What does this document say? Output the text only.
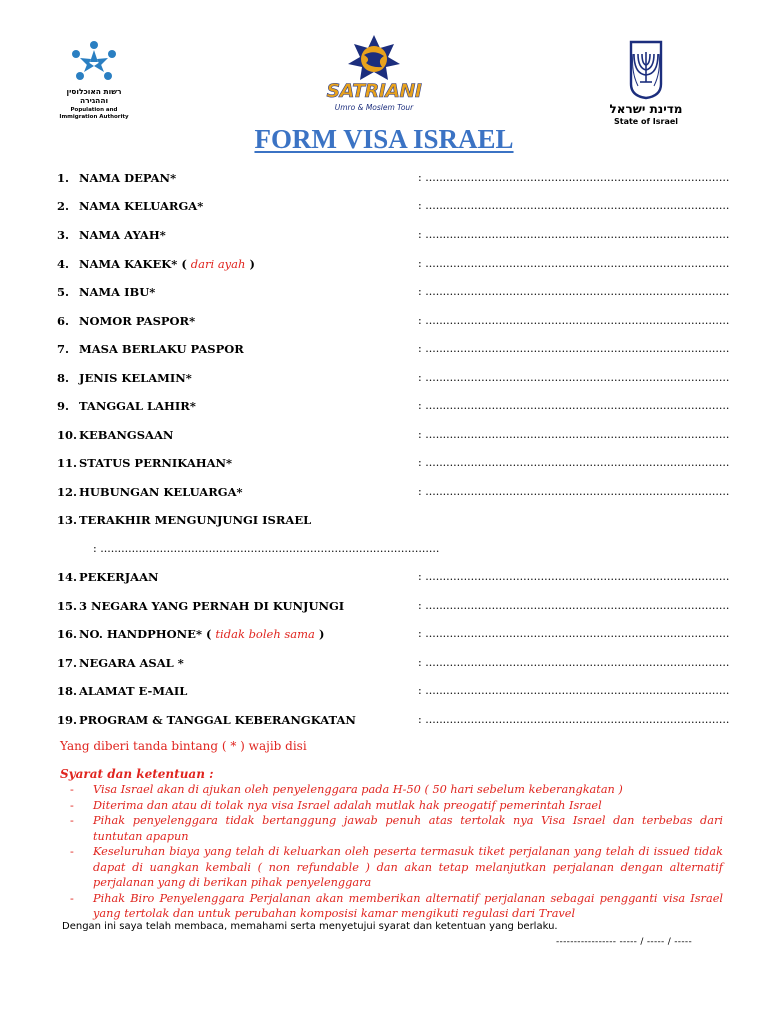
רשות האוכלוסין וההגירה
Population and Immigration Authority
SATRIANI
Umro & Moslem Tour	מדינת ישראל
State of Israel
FORM VISA ISRAEL
1. NAMA DEPAN*	: .......................................................................................
2. NAMA KELUARGA*	: .......................................................................................
3. NAMA AYAH*	: .......................................................................................
4. NAMA KAKEK* ( dari ayah )	: .......................................................................................
5. NAMA IBU*	: .......................................................................................
6. NOMOR PASPOR*	: .......................................................................................
7. MASA BERLAKU PASPOR	: .......................................................................................
8. JENIS KELAMIN*	: .......................................................................................
9. TANGGAL LAHIR*	: .......................................................................................
10. KEBANGSAAN	: .......................................................................................
11. STATUS PERNIKAHAN*	: .......................................................................................
12. HUBUNGAN KELUARGA*	: .......................................................................................
13. TERAKHIR MENGUNJUNGI ISRAEL
: .................................................................................................
14. PEKERJAAN	: .......................................................................................
15. 3 NEGARA YANG PERNAH DI KUNJUNGI	: .......................................................................................
16. NO. HANDPHONE* ( tidak boleh sama )	: .......................................................................................
17. NEGARA ASAL *	: .......................................................................................
18. ALAMAT E-MAIL	: .......................................................................................
19. PROGRAM & TANGGAL KEBERANGKATAN	: .......................................................................................
Yang diberi tanda bintang ( * ) wajib disi
Syarat dan ketentuan :
- Visa Israel akan di ajukan oleh penyelenggara pada H-50 ( 50 hari sebelum keberangkatan )
- Diterima dan atau di tolak nya visa Israel adalah mutlak hak preogatif pemerintah Israel
- Pihak penyelenggara tidak bertanggung jawab penuh atas tertolak nya Visa Israel dan terbebas dari tuntutan apapun
- Keseluruhan biaya yang telah di keluarkan oleh peserta termasuk tiket perjalanan yang telah di issued tidak dapat di uangkan kembali ( non refundable ) dan akan tetap melanjutkan perjalanan dengan alternatif perjalanan yang di berikan pihak penyelenggara
- Pihak Biro Penyelenggara Perjalanan akan memberikan alternatif perjalanan sebagai pengganti visa Israel yang tertolak dan untuk perubahan komposisi kamar mengikuti regulasi dari Travel
Dengan ini saya telah membaca, memahami serta menyetujui syarat dan ketentuan yang berlaku.
----------------- ----- / ----- / -----
